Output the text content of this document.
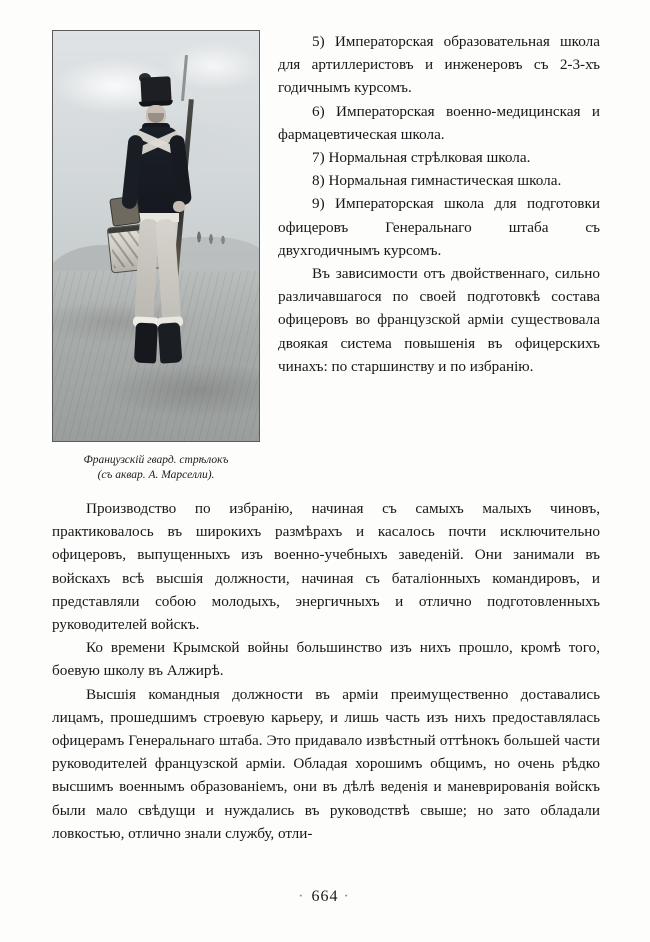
Французскій гвард. стрѣлокъ
(съ акваp. А. Марселли).

5) Императорская образовательная школа для артиллеристовъ и инженеровъ съ 2-3-хъ годичнымъ курсомъ.

6) Императорская военно-медицинская и фармацевтическая школа.

7) Нормальная стрѣлковая школа.

8) Нормальная гимнастическая школа.

9) Императорская школа для подготовки офицеровъ Генеральнаго штаба съ двухгодичнымъ курсомъ.

Въ зависимости отъ двойственнаго, сильно различавшагося по своей подготовкѣ состава офицеровъ во французской арміи существовала двоякая система повышенія въ офицерскихъ чинахъ: по старшинству и по избранію.

Производство по избранію, начиная съ самыхъ малыхъ чиновъ, практиковалось въ широкихъ размѣрахъ и касалось почти исключительно офицеровъ, выпущенныхъ изъ военно-учебныхъ заведеній. Они занимали въ войскахъ всѣ высшія должности, начиная съ баталіонныхъ командировъ, и представляли собою молодыхъ, энергичныхъ и отлично подготовленныхъ руководителей войскъ.

Ко времени Крымской войны большинство изъ нихъ прошло, кромѣ того, боевую школу въ Алжирѣ.

Высшія командныя должности въ арміи преимущественно доставались лицамъ, прошедшимъ строевую карьеру, и лишь часть изъ нихъ предоставлялась офицерамъ Генеральнаго штаба. Это придавало извѣстный оттѣнокъ большей части руководителей французской арміи. Обладая хорошимъ общимъ, но очень рѣдко высшимъ военнымъ образованіемъ, они въ дѣлѣ веденія и маневрированія войскъ были мало свѣдущи и нуждались въ руководствѣ свыше; но зато обладали ловкостью, отлично знали службу, отли-

· 664 ·
